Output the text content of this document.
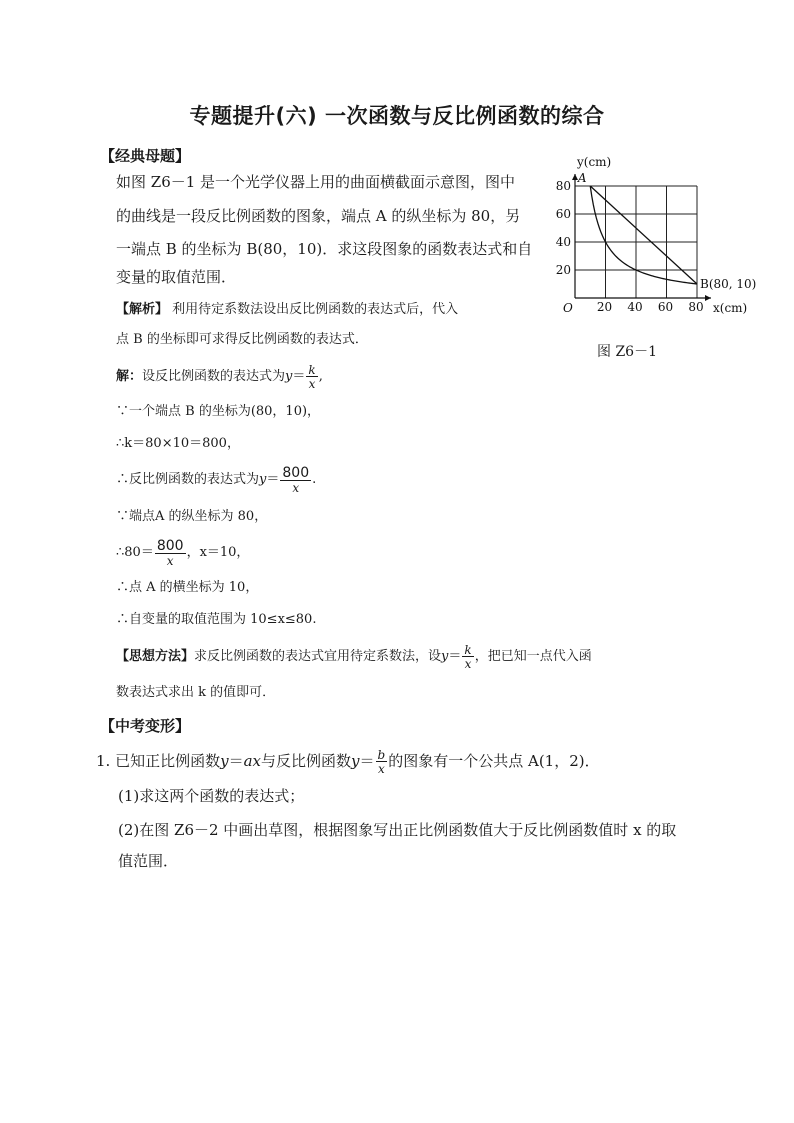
专题提升(六) 一次函数与反比例函数的综合
【经典母题】
如图 Z6－1 是一个光学仪器上用的曲面横截面示意图，图中
的曲线是一段反比例函数的图象，端点 A 的纵坐标为 80，另
一端点 B 的坐标为 B(80，10)．求这段图象的函数表达式和自
变量的取值范围．
【解析】 利用待定系数法设出反比例函数的表达式后，代入
点 B 的坐标即可求得反比例函数的表达式．
解：设反比例函数的表达式为$y= \frac{k}{x}$ ,
∵一个端点 B 的坐标为(80，10)，
∴k＝80×10＝800，
∴反比例函数的表达式为$y= \frac{800}{x}$ .
∵端点A 的纵坐标为 80，
∴80＝ $\frac{800}{x}$ ，x＝10，
∴点 A 的横坐标为 10，
∴自变量的取值范围为 10≤x≤80.
【思想方法】求反比例函数的表达式宜用待定系数法，设$y= \frac{k}{x}$ ，把已知一点代入函
数表达式求出 k 的值即可．
【中考变形】
1. 已知正比例函数y＝ax与反比例函数$y= \frac{b}{x}$ 的图象有一个公共点 A(1，2)．
(1)求这两个函数的表达式；
(2)在图 Z6－2 中画出草图，根据图象写出正比例函数值大于反比例函数值时 x 的取
值范围．
20 40 60 80
20
40
60
80
y(cm)
x(cm)
O
A
B(80, 10)
图 Z6－1
